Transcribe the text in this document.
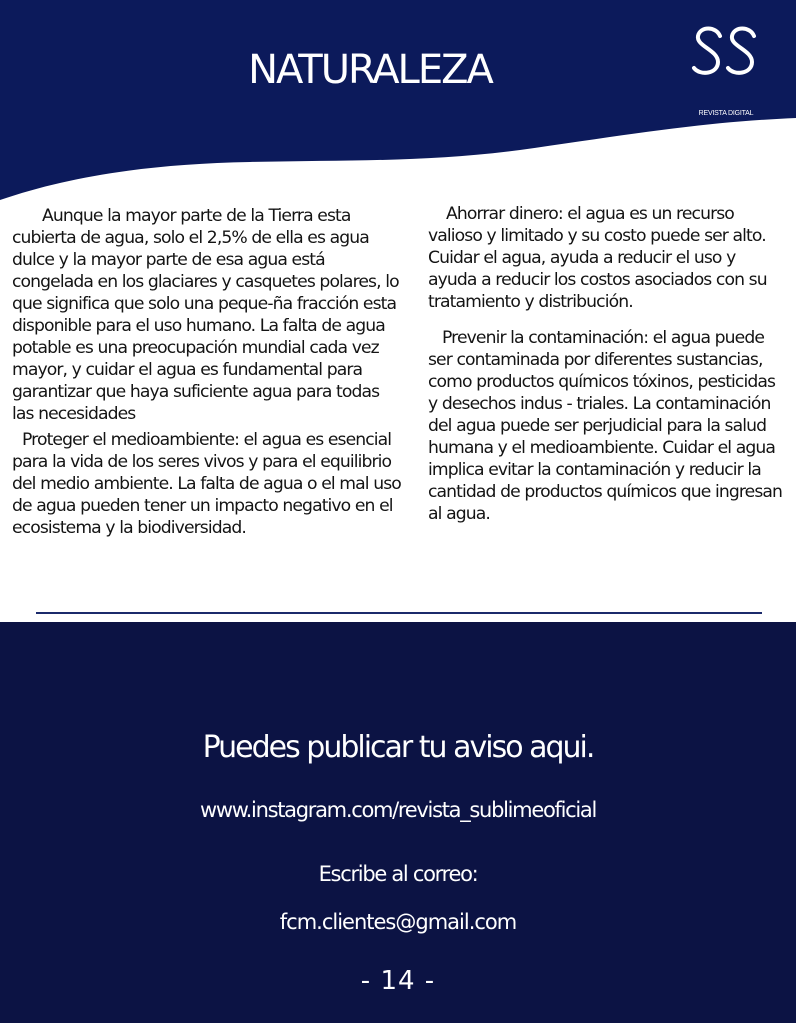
NATURALEZA
REVISTA DIGITAL

Aunque la mayor parte de la Tierra esta cubierta de agua, solo el 2,5% de ella es agua dulce y la mayor parte de esa agua está congelada en los glaciares y casquetes polares, lo que significa que solo una peque-ña fracción esta disponible para el uso humano. La falta de agua potable es una preocupación mundial cada vez mayor, y cuidar el agua es fundamental para garantizar que haya suficiente agua para todas las necesidades

Proteger el medioambiente: el agua es esencial para la vida de los seres vivos y para el equilibrio del medio ambiente. La falta de agua o el mal uso de agua pueden tener un impacto negativo en el ecosistema y la biodiversidad.

Ahorrar dinero: el agua es un recurso valioso y limitado y su costo puede ser alto. Cuidar el agua, ayuda a reducir el uso y ayuda a reducir los costos asociados con su tratamiento y distribución.

Prevenir la contaminación: el agua puede ser contaminada por diferentes sustancias, como productos químicos tóxinos, pesticidas y desechos indus - triales. La contaminación del agua puede ser perjudicial para la salud humana y el medioambiente. Cuidar el agua implica evitar la contaminación y reducir la cantidad de productos químicos que ingresan al agua.

Puedes publicar tu aviso aqui.
www.instagram.com/revista_sublimeoficial
Escribe al correo:
fcm.clientes@gmail.com
- 14 -
